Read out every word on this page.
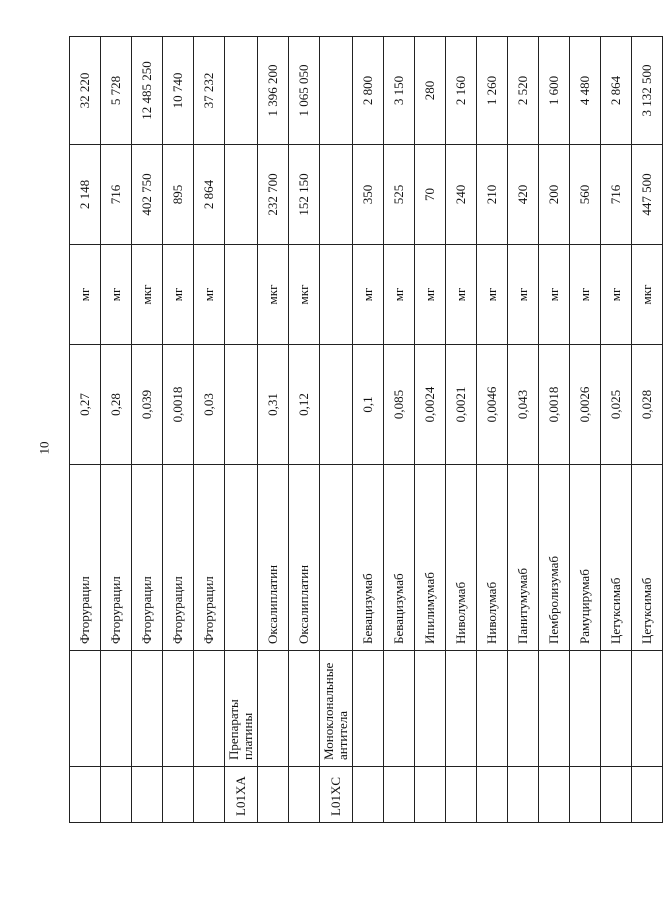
10
		Фторурацил	0,27	мг	2 148	32 220
		Фторурацил	0,28	мг	716	5 728
		Фторурацил	0,039	мкг	402 750	12 485 250
		Фторурацил	0,0018	мг	895	10 740
		Фторурацил	0,03	мг	2 864	37 232
L01XA	Препараты платины					
		Оксалиплатин	0,31	мкг	232 700	1 396 200
		Оксалиплатин	0,12	мкг	152 150	1 065 050
L01XC	Моноклональные антитела					
		Бевацизумаб	0,1	мг	350	2 800
		Бевацизумаб	0,085	мг	525	3 150
		Ипилимумаб	0,0024	мг	70	280
		Ниволумаб	0,0021	мг	240	2 160
		Ниволумаб	0,0046	мг	210	1 260
		Панитумумаб	0,043	мг	420	2 520
		Пембролизумаб	0,0018	мг	200	1 600
		Рамуцирумаб	0,0026	мг	560	4 480
		Цетуксимаб	0,025	мг	716	2 864
		Цетуксимаб	0,028	мкг	447 500	3 132 500
